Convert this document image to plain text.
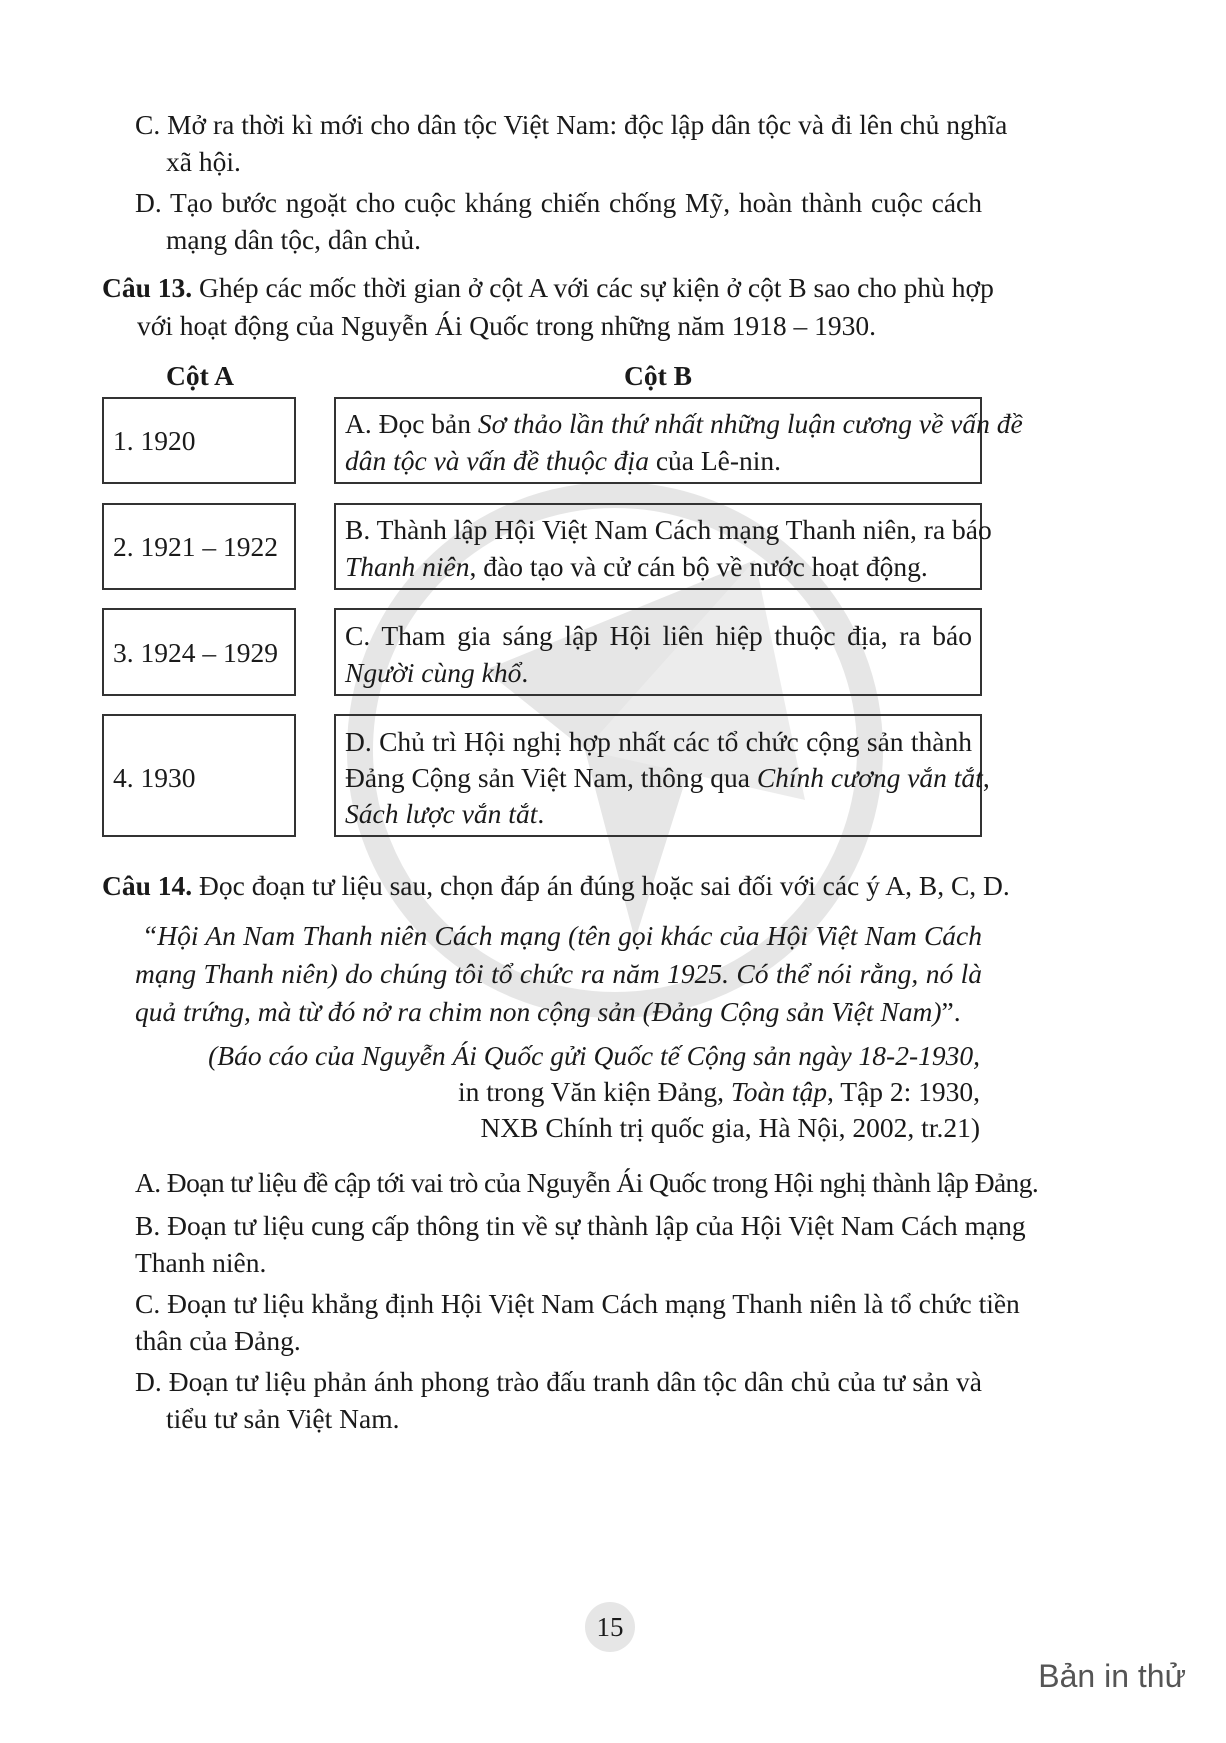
C. Mở ra thời kì mới cho dân tộc Việt Nam: độc lập dân tộc và đi lên chủ nghĩa
xã hội.
D. Tạo bước ngoặt cho cuộc kháng chiến chống Mỹ, hoàn thành cuộc cách
mạng dân tộc, dân chủ.
Câu 13. Ghép các mốc thời gian ở cột A với các sự kiện ở cột B sao cho phù hợp
với hoạt động của Nguyễn Ái Quốc trong những năm 1918 – 1930.
Cột A	Cột B
1. 1920
2. 1921 – 1922
3. 1924 – 1929
4. 1930
A. Đọc bản Sơ thảo lần thứ nhất những luận cương về vấn đề
dân tộc và vấn đề thuộc địa của Lê-nin.
B. Thành lập Hội Việt Nam Cách mạng Thanh niên, ra báo
Thanh niên, đào tạo và cử cán bộ về nước hoạt động.
C. Tham gia sáng lập Hội liên hiệp thuộc địa, ra báo
Người cùng khổ.
D. Chủ trì Hội nghị hợp nhất các tổ chức cộng sản thành
Đảng Cộng sản Việt Nam, thông qua Chính cương vắn tắt,
Sách lược vắn tắt.
Câu 14. Đọc đoạn tư liệu sau, chọn đáp án đúng hoặc sai đối với các ý A, B, C, D.
“Hội An Nam Thanh niên Cách mạng (tên gọi khác của Hội Việt Nam Cách
mạng Thanh niên) do chúng tôi tổ chức ra năm 1925. Có thể nói rằng, nó là
quả trứng, mà từ đó nở ra chim non cộng sản (Đảng Cộng sản Việt Nam)”.
(Báo cáo của Nguyễn Ái Quốc gửi Quốc tế Cộng sản ngày 18-2-1930,
in trong Văn kiện Đảng, Toàn tập, Tập 2: 1930,
NXB Chính trị quốc gia, Hà Nội, 2002, tr.21)
A. Đoạn tư liệu đề cập tới vai trò của Nguyễn Ái Quốc trong Hội nghị thành lập Đảng.
B. Đoạn tư liệu cung cấp thông tin về sự thành lập của Hội Việt Nam Cách mạng
Thanh niên.
C. Đoạn tư liệu khẳng định Hội Việt Nam Cách mạng Thanh niên là tổ chức tiền
thân của Đảng.
D. Đoạn tư liệu phản ánh phong trào đấu tranh dân tộc dân chủ của tư sản và
tiểu tư sản Việt Nam.
15
Bản in thử
